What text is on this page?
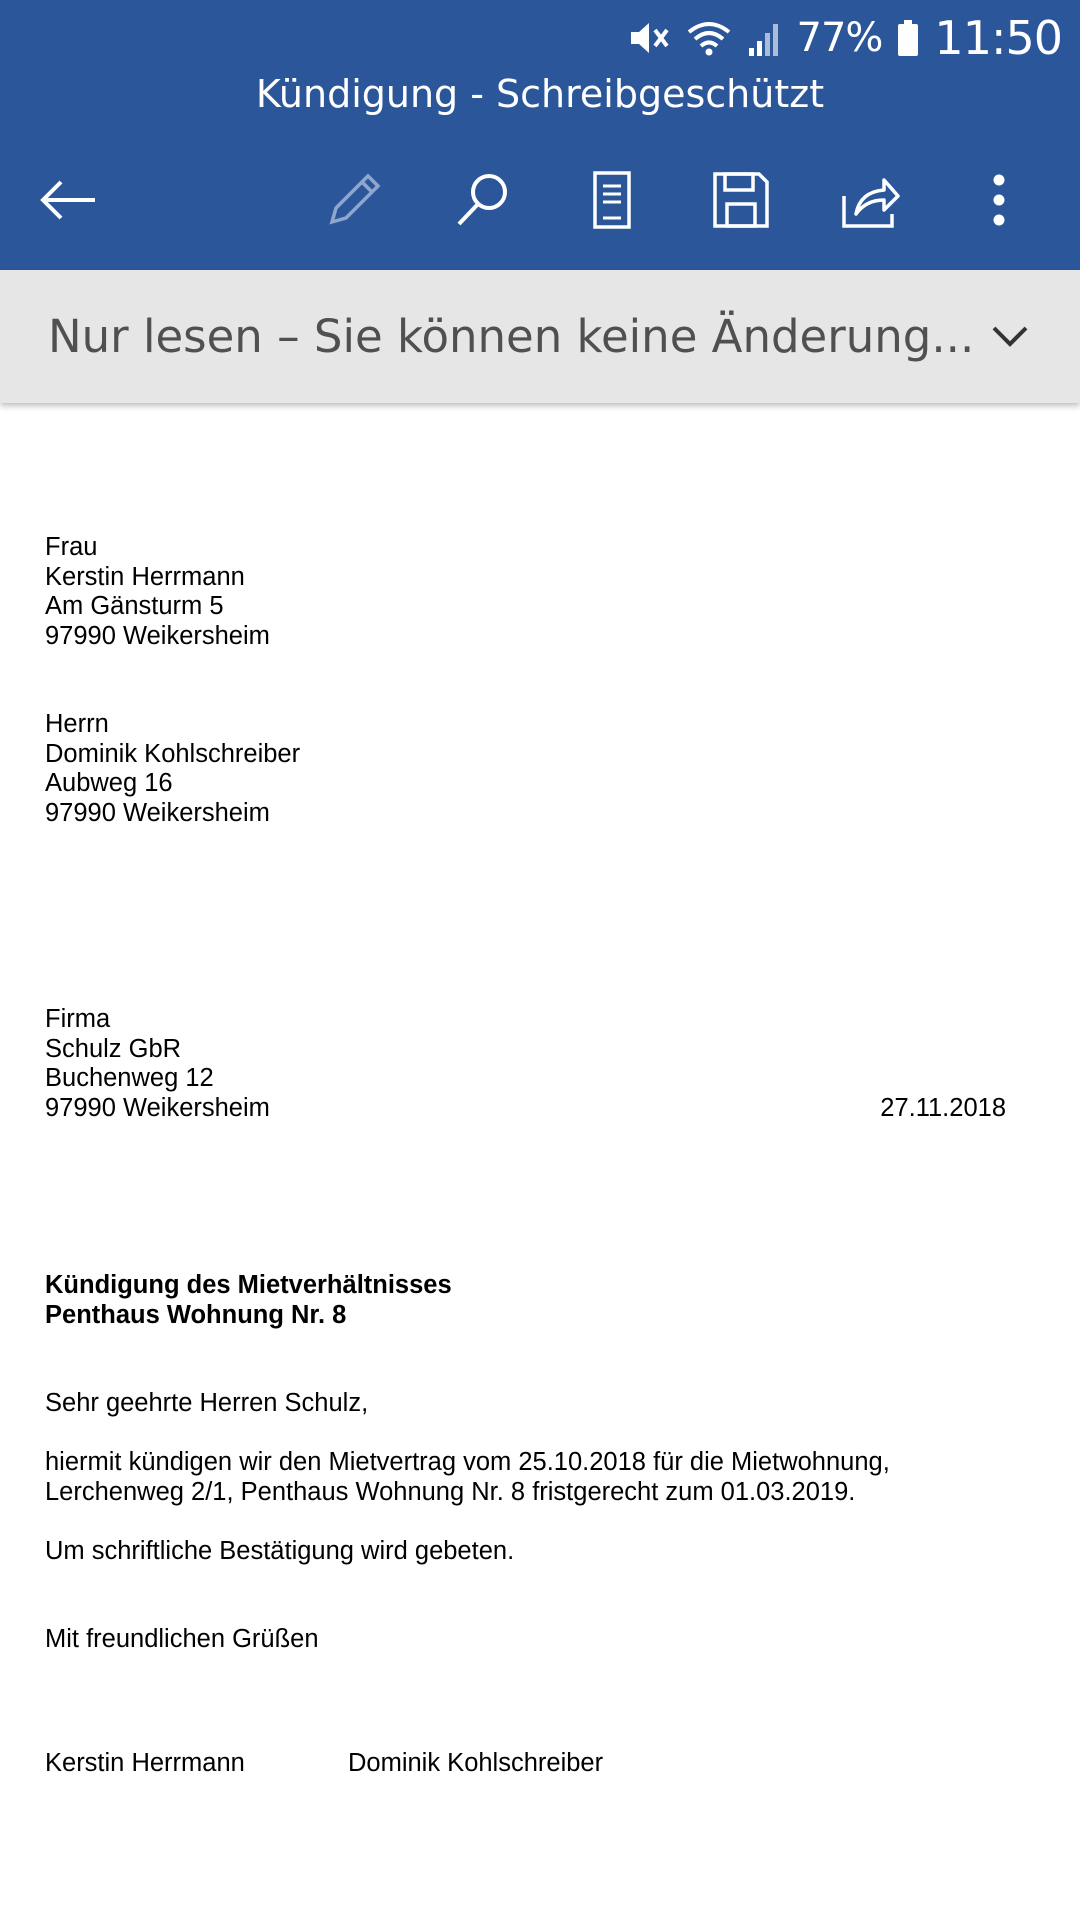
77% 11:50
Kündigung - Schreibgeschützt
Nur lesen – Sie können keine Änderung...
Frau
Kerstin Herrmann
Am Gänsturm 5
97990 Weikersheim
Herrn
Dominik Kohlschreiber
Aubweg 16
97990 Weikersheim
Firma
Schulz GbR
Buchenweg 12
97990 Weikersheim	27.11.2018
Kündigung des Mietverhältnisses
Penthaus Wohnung Nr. 8
Sehr geehrte Herren Schulz,
hiermit kündigen wir den Mietvertrag vom 25.10.2018 für die Mietwohnung,
Lerchenweg 2/1, Penthaus Wohnung Nr. 8 fristgerecht zum 01.03.2019.
Um schriftliche Bestätigung wird gebeten.
Mit freundlichen Grüßen
Kerstin Herrmann	Dominik Kohlschreiber
